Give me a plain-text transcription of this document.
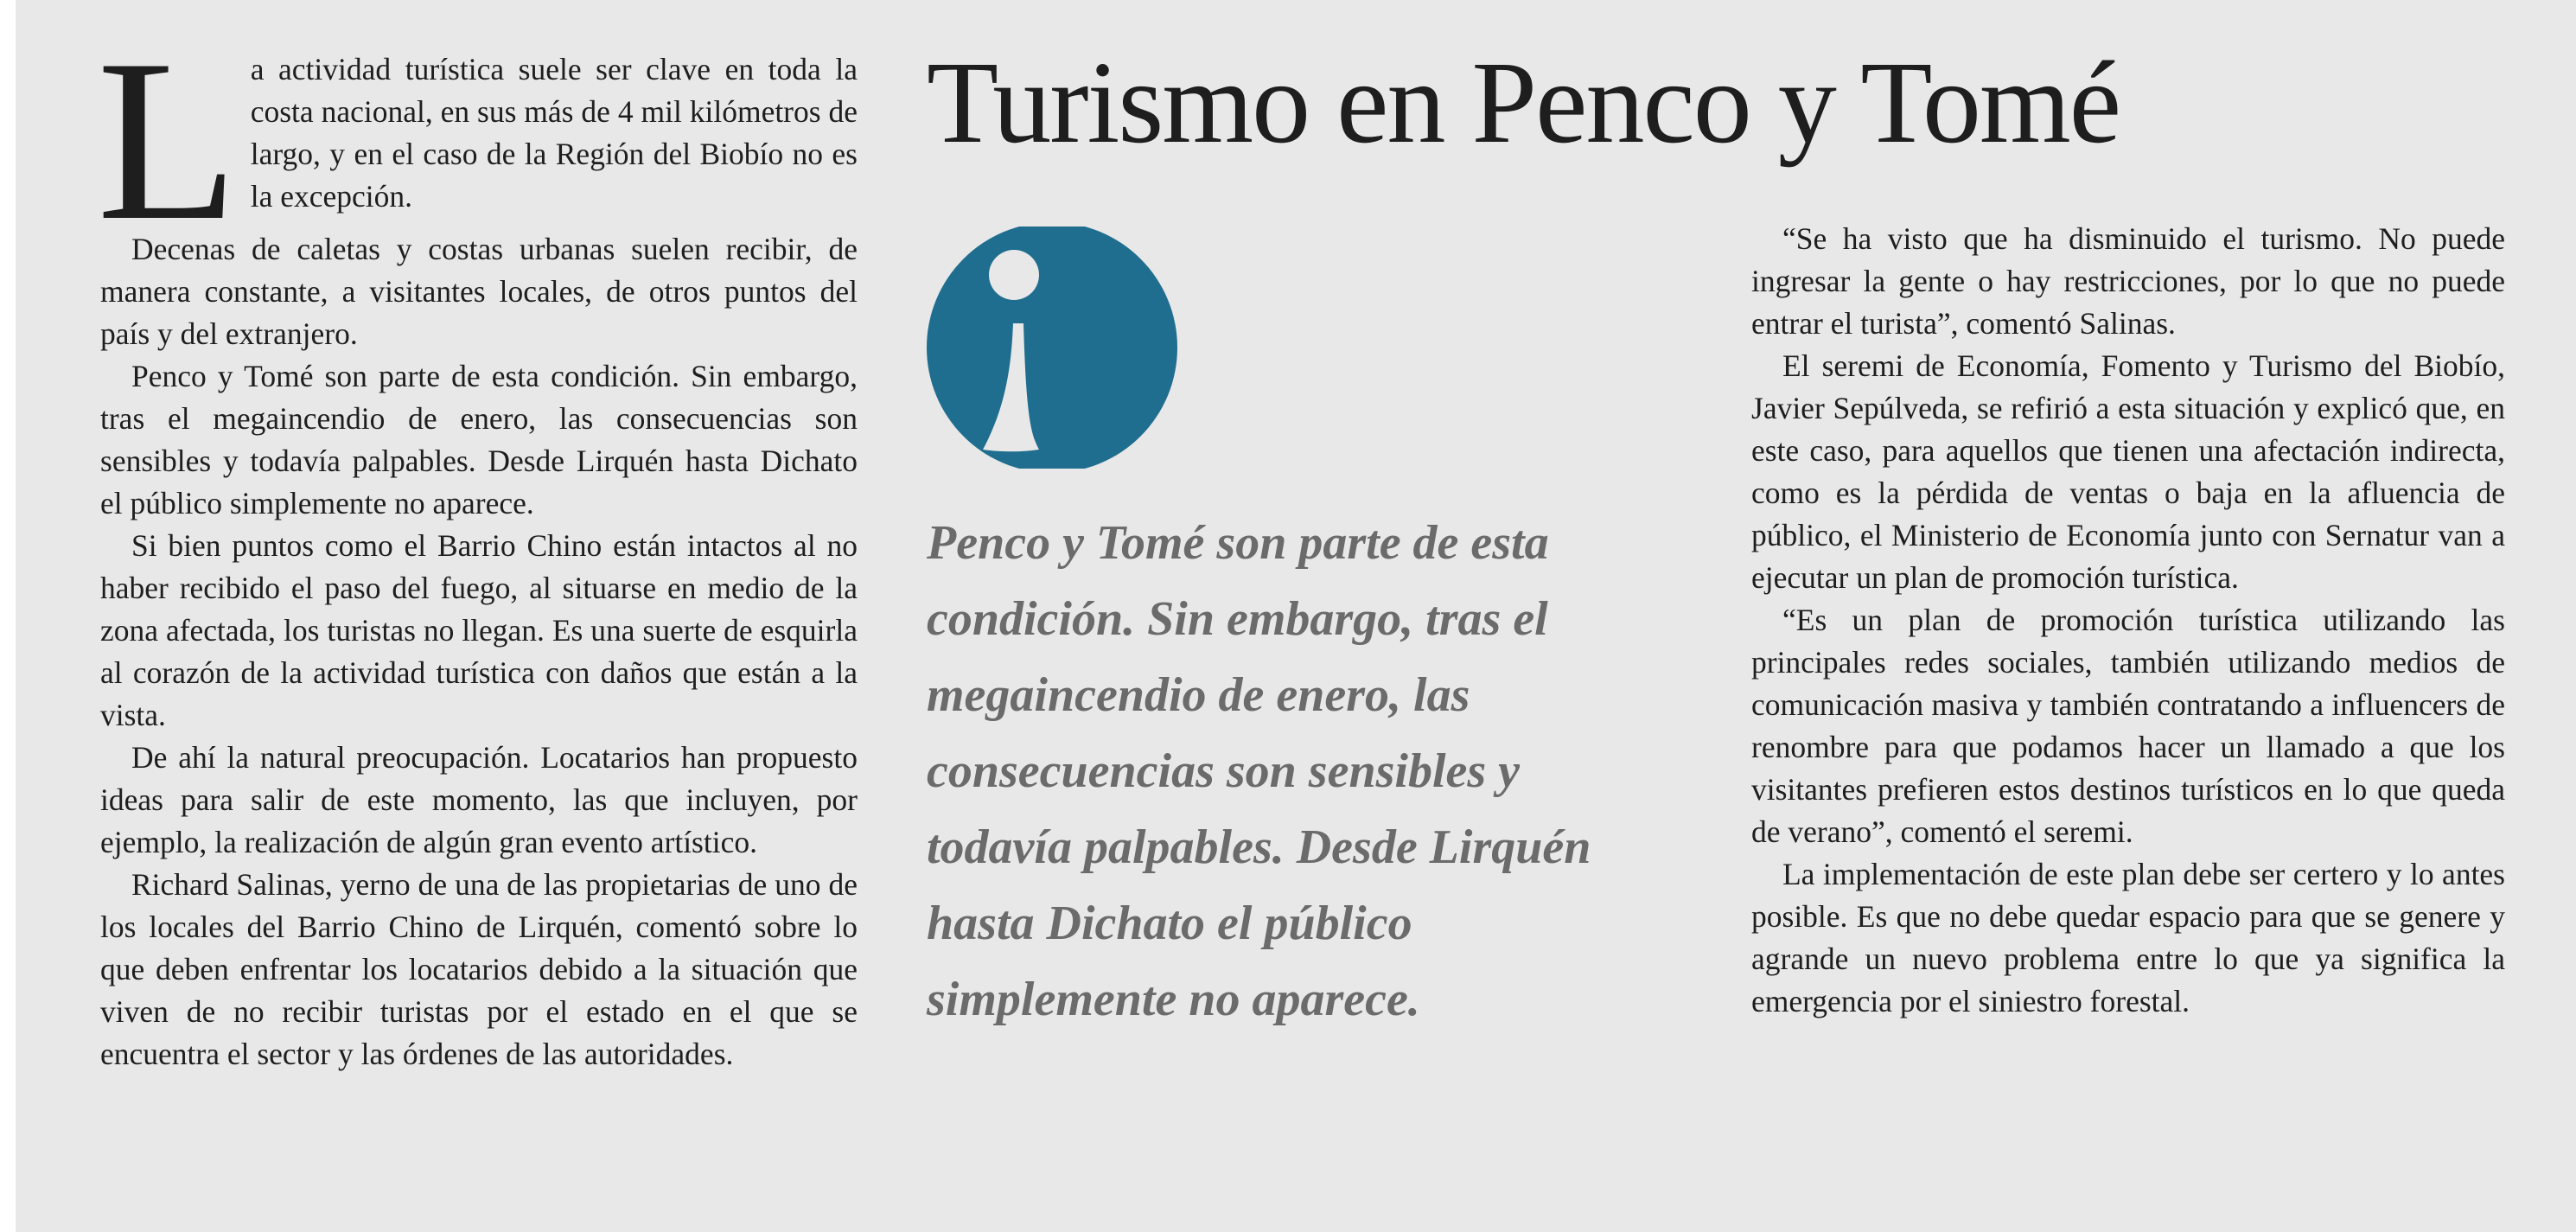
La actividad turística suele ser clave en toda la costa nacional, en sus más de 4 mil kilómetros de largo, y en el caso de la Región del Biobío no es la excepción.

Decenas de caletas y costas urbanas suelen recibir, de manera constante, a visitantes locales, de otros puntos del país y del extranjero.

Penco y Tomé son parte de esta condición. Sin embargo, tras el megaincendio de enero, las consecuencias son sensibles y todavía palpables. Desde Lirquén hasta Dichato el público simplemente no aparece.

Si bien puntos como el Barrio Chino están intactos al no haber recibido el paso del fuego, al situarse en medio de la zona afectada, los turistas no llegan. Es una suerte de esquirla al corazón de la actividad turística con daños que están a la vista.

De ahí la natural preocupación. Locatarios han propuesto ideas para salir de este momento, las que incluyen, por ejemplo, la realización de algún gran evento artístico.

Richard Salinas, yerno de una de las propietarias de uno de los locales del Barrio Chino de Lirquén, comentó sobre lo que deben enfrentar los locatarios debido a la situación que viven de no recibir turistas por el estado en el que se encuentra el sector y las órdenes de las autoridades.

Turismo en Penco y Tomé

Penco y Tomé son parte de esta condición. Sin embargo, tras el megaincendio de enero, las consecuencias son sensibles y todavía palpables. Desde Lirquén hasta Dichato el público simplemente no aparece.

“Se ha visto que ha disminuido el turismo. No puede ingresar la gente o hay restricciones, por lo que no puede entrar el turista”, comentó Salinas.

El seremi de Economía, Fomento y Turismo del Biobío, Javier Sepúlveda, se refirió a esta situación y explicó que, en este caso, para aquellos que tienen una afectación indirecta, como es la pérdida de ventas o baja en la afluencia de público, el Ministerio de Economía junto con Sernatur van a ejecutar un plan de promoción turística.

“Es un plan de promoción turística utilizando las principales redes sociales, también utilizando medios de comunicación masiva y también contratando a influencers de renombre para que podamos hacer un llamado a que los visitantes prefieren estos destinos turísticos en lo que queda de verano”, comentó el seremi.

La implementación de este plan debe ser certero y lo antes posible. Es que no debe quedar espacio para que se genere y agrande un nuevo problema entre lo que ya significa la emergencia por el siniestro forestal.
